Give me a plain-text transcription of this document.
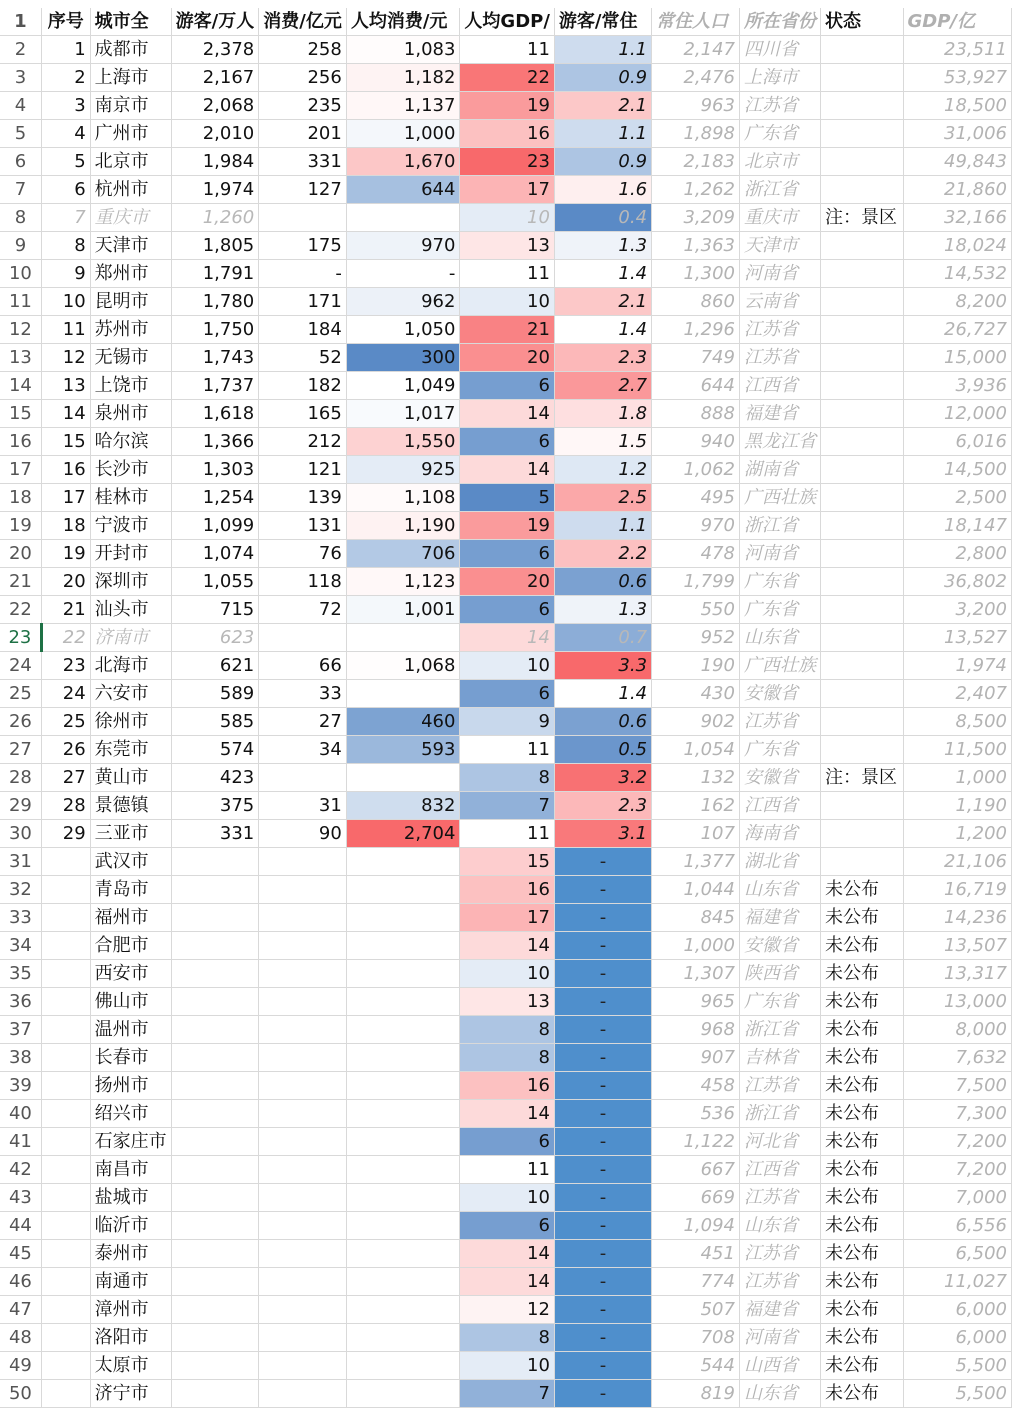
1	序号	城市全	游客/万人	消费/亿元	人均消费/元	人均GDP/	游客/常住	常住人口	所在省份	状态	GDP/亿
2	1	成都市	2,378	258	1,083	11	1.1	2,147	四川省		23,511
3	2	上海市	2,167	256	1,182	22	0.9	2,476	上海市		53,927
4	3	南京市	2,068	235	1,137	19	2.1	963	江苏省		18,500
5	4	广州市	2,010	201	1,000	16	1.1	1,898	广东省		31,006
6	5	北京市	1,984	331	1,670	23	0.9	2,183	北京市		49,843
7	6	杭州市	1,974	127	644	17	1.6	1,262	浙江省		21,860
8	7	重庆市	1,260			10	0.4	3,209	重庆市	注：景区	32,166
9	8	天津市	1,805	175	970	13	1.3	1,363	天津市		18,024
10	9	郑州市	1,791	-	-	11	1.4	1,300	河南省		14,532
11	10	昆明市	1,780	171	962	10	2.1	860	云南省		8,200
12	11	苏州市	1,750	184	1,050	21	1.4	1,296	江苏省		26,727
13	12	无锡市	1,743	52	300	20	2.3	749	江苏省		15,000
14	13	上饶市	1,737	182	1,049	6	2.7	644	江西省		3,936
15	14	泉州市	1,618	165	1,017	14	1.8	888	福建省		12,000
16	15	哈尔滨	1,366	212	1,550	6	1.5	940	黑龙江省		6,016
17	16	长沙市	1,303	121	925	14	1.2	1,062	湖南省		14,500
18	17	桂林市	1,254	139	1,108	5	2.5	495	广西壮族		2,500
19	18	宁波市	1,099	131	1,190	19	1.1	970	浙江省		18,147
20	19	开封市	1,074	76	706	6	2.2	478	河南省		2,800
21	20	深圳市	1,055	118	1,123	20	0.6	1,799	广东省		36,802
22	21	汕头市	715	72	1,001	6	1.3	550	广东省		3,200
23	22	济南市	623			14	0.7	952	山东省		13,527
24	23	北海市	621	66	1,068	10	3.3	190	广西壮族		1,974
25	24	六安市	589	33		6	1.4	430	安徽省		2,407
26	25	徐州市	585	27	460	9	0.6	902	江苏省		8,500
27	26	东莞市	574	34	593	11	0.5	1,054	广东省		11,500
28	27	黄山市	423			8	3.2	132	安徽省	注：景区	1,000
29	28	景德镇	375	31	832	7	2.3	162	江西省		1,190
30	29	三亚市	331	90	2,704	11	3.1	107	海南省		1,200
31		武汉市				15	-	1,377	湖北省		21,106
32		青岛市				16	-	1,044	山东省	未公布	16,719
33		福州市				17	-	845	福建省	未公布	14,236
34		合肥市				14	-	1,000	安徽省	未公布	13,507
35		西安市				10	-	1,307	陕西省	未公布	13,317
36		佛山市				13	-	965	广东省	未公布	13,000
37		温州市				8	-	968	浙江省	未公布	8,000
38		长春市				8	-	907	吉林省	未公布	7,632
39		扬州市				16	-	458	江苏省	未公布	7,500
40		绍兴市				14	-	536	浙江省	未公布	7,300
41		石家庄市				6	-	1,122	河北省	未公布	7,200
42		南昌市				11	-	667	江西省	未公布	7,200
43		盐城市				10	-	669	江苏省	未公布	7,000
44		临沂市				6	-	1,094	山东省	未公布	6,556
45		泰州市				14	-	451	江苏省	未公布	6,500
46		南通市				14	-	774	江苏省	未公布	11,027
47		漳州市				12	-	507	福建省	未公布	6,000
48		洛阳市				8	-	708	河南省	未公布	6,000
49		太原市				10	-	544	山西省	未公布	5,500
50		济宁市				7	-	819	山东省	未公布	5,500
